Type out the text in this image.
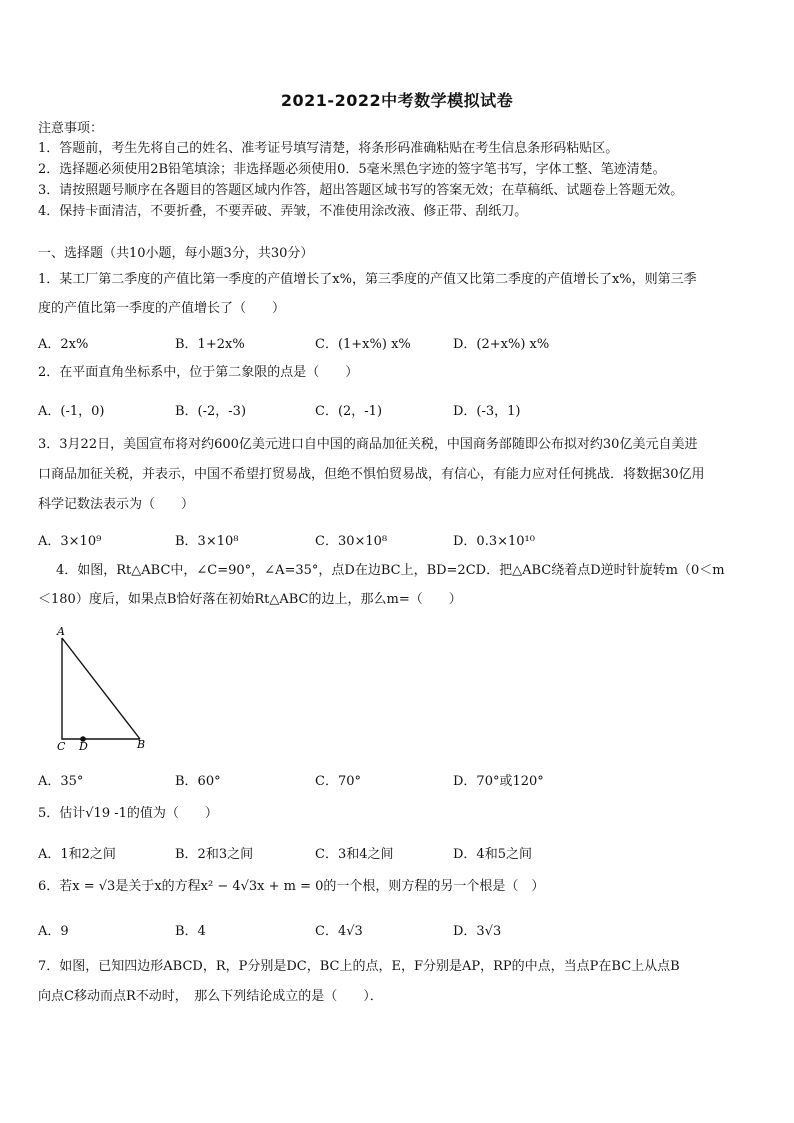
2021-2022中考数学模拟试卷
注意事项：
1．答题前，考生先将自己的姓名、准考证号填写清楚，将条形码准确粘贴在考生信息条形码粘贴区。
2．选择题必须使用2B铅笔填涂；非选择题必须使用0．5毫米黑色字迹的签字笔书写，字体工整、笔迹清楚。
3．请按照题号顺序在各题目的答题区域内作答，超出答题区域书写的答案无效；在草稿纸、试题卷上答题无效。
4．保持卡面清洁，不要折叠，不要弄破、弄皱，不准使用涂改液、修正带、刮纸刀。
一、选择题（共10小题，每小题3分，共30分）
1．某工厂第二季度的产值比第一季度的产值增长了x%，第三季度的产值又比第二季度的产值增长了x%，则第三季
度的产值比第一季度的产值增长了（　　）
A．2x%	B．1+2x%	C．(1+x%) x%	D．(2+x%) x%
2．在平面直角坐标系中，位于第二象限的点是（　　）
A．(-1，0)	B．(-2，-3)	C．(2，-1)	D．(-3，1)
3．3月22日，美国宣布将对约600亿美元进口自中国的商品加征关税，中国商务部随即公布拟对约30亿美元自美进
口商品加征关税，并表示，中国不希望打贸易战，但绝不惧怕贸易战，有信心，有能力应对任何挑战．将数据30亿用
科学记数法表示为（　　）
A．3×10⁹	B．3×10⁸	C．30×10⁸	D．0.3×10¹⁰
4．如图，Rt△ABC中，∠C=90°，∠A=35°，点D在边BC上，BD=2CD．把△ABC绕着点D逆时针旋转m（0＜m
＜180）度后，如果点B恰好落在初始Rt△ABC的边上，那么m=（　　）
A
C D	B
A．35°	B．60°	C．70°	D．70°或120°
5．估计√19 -1的值为（　　）
A．1和2之间	B．2和3之间	C．3和4之间	D．4和5之间
6．若x = √3是关于x的方程x² − 4√3x + m = 0的一个根，则方程的另一个根是（　）
A．9	B．4	C．4√3	D．3√3
7．如图，已知四边形ABCD，R，P分别是DC，BC上的点，E，F分别是AP，RP的中点，当点P在BC上从点B
向点C移动而点R不动时，　那么下列结论成立的是（　　）．
